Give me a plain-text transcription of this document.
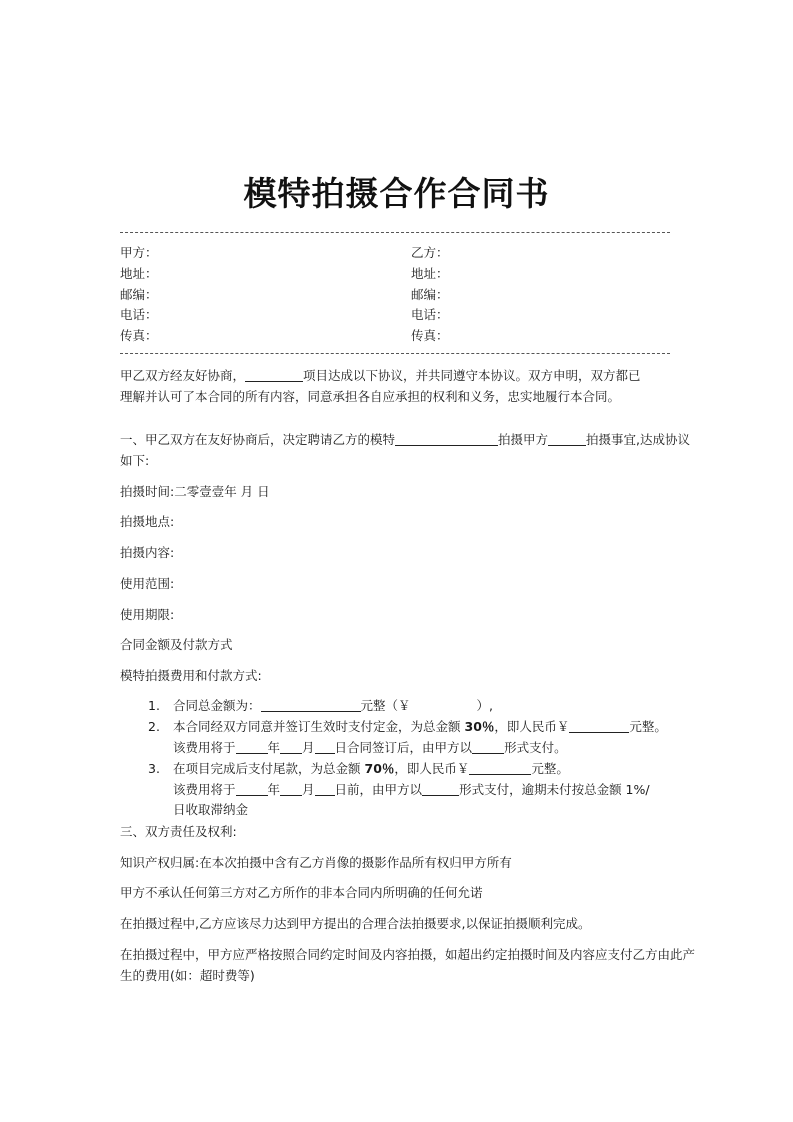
模特拍摄合作合同书
甲方：	乙方：
地址：	地址：
邮编：	邮编：
电话：	电话：
传真：	传真：
甲乙双方经友好协商，	项目达成以下协议，并共同遵守本协议。双方申明，双方都已
理解并认可了本合同的所有内容，同意承担各自应承担的权利和义务，忠实地履行本合同。
一、甲乙双方在友好协商后，决定聘请乙方的模特	拍摄甲方	拍摄事宜,达成协议
如下:
拍摄时间:二零壹壹年 月 日
拍摄地点:
拍摄内容:
使用范围:
使用期限:
合同金额及付款方式
模特拍摄费用和付款方式:
1. 合同总金额为：	元整（￥	）,
2. 本合同经双方同意并签订生效时支付定金，为总金额 30％，即人民币￥	元整。
该费用将于	年 月 日合同签订后，由甲方以	形式支付。
3. 在项目完成后支付尾款，为总金额 70％，即人民币￥	元整。
该费用将于	年 月 日前，由甲方以	形式支付，逾期未付按总金额 1%/
日收取滞纳金
三、双方责任及权利:
知识产权归属:在本次拍摄中含有乙方肖像的摄影作品所有权归甲方所有
甲方不承认任何第三方对乙方所作的非本合同内所明确的任何允诺
在拍摄过程中,乙方应该尽力达到甲方提出的合理合法拍摄要求,以保证拍摄顺利完成。
在拍摄过程中，甲方应严格按照合同约定时间及内容拍摄，如超出约定拍摄时间及内容应支付乙方由此产
生的费用(如：超时费等)
